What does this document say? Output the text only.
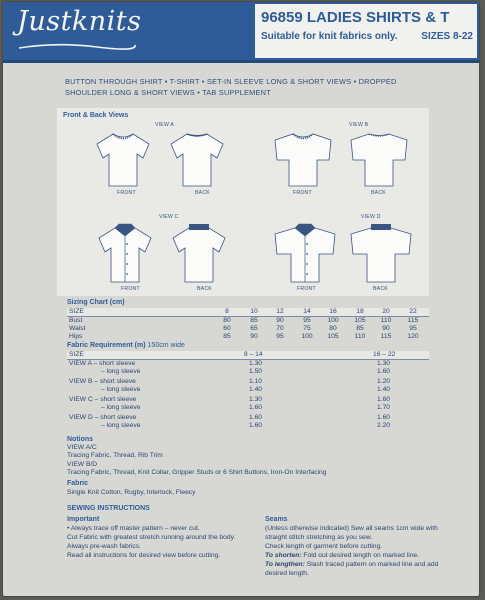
Justknits	96859 LADIES SHIRTS & T
Suitable for knit fabrics only. SIZES 8-22
BUTTON THROUGH SHIRT • T-SHIRT • SET-IN SLEEVE LONG & SHORT VIEWS • DROPPED SHOULDER LONG & SHORT VIEWS • TAB SUPPLEMENT
Front & Back Views
VIEW A	VIEW B
VIEW C	VIEW D
FRONT	BACK	FRONT	BACK
FRONT	BACK	FRONT	BACK
Sizing Chart (cm)
SIZE	8	10	12	14	16	18	20	22
Bust	80	85	90	95	100	105	110	115
Waist	60	65	70	75	80	85	90	95
Hips	85	90	95	100	105	110	115	120
Fabric Requirement (m) 150cm wide
SIZE	8 – 14	16 – 22
VIEW A – short sleeve	1.30	1.30
– long sleeve	1.50	1.60
VIEW B – short sleeve	1.10	1.20
– long sleeve	1.40	1.40
VIEW C – short sleeve	1.30	1.60
– long sleeve	1.60	1.70
VIEW D – short sleeve	1.60	1.60
– long sleeve	1.60	2.20
Notions
VIEW A/C
Tracing Fabric, Thread, Rib Trim
VIEW B/D
Tracing Fabric, Thread, Knit Collar, Gripper Studs or 6 Shirt Buttons, Iron-On Interfacing
Fabric
Single Knit Cotton, Rugby, Interlock, Fleecy
SEWING INSTRUCTIONS
Important
• Always trace off master pattern – never cut.
Cut Fabric with greatest stretch running around the body.
Always pre-wash fabrics.
Read all instructions for desired view before cutting.
Seams
(Unless otherwise indicated) Sew all seams 1cm wide with
straight stitch stretching as you sew.
Check length of garment before cutting.
To shorten: Fold out desired length on marked line.
To lengthen: Slash traced pattern on marked line and add
desired length.
